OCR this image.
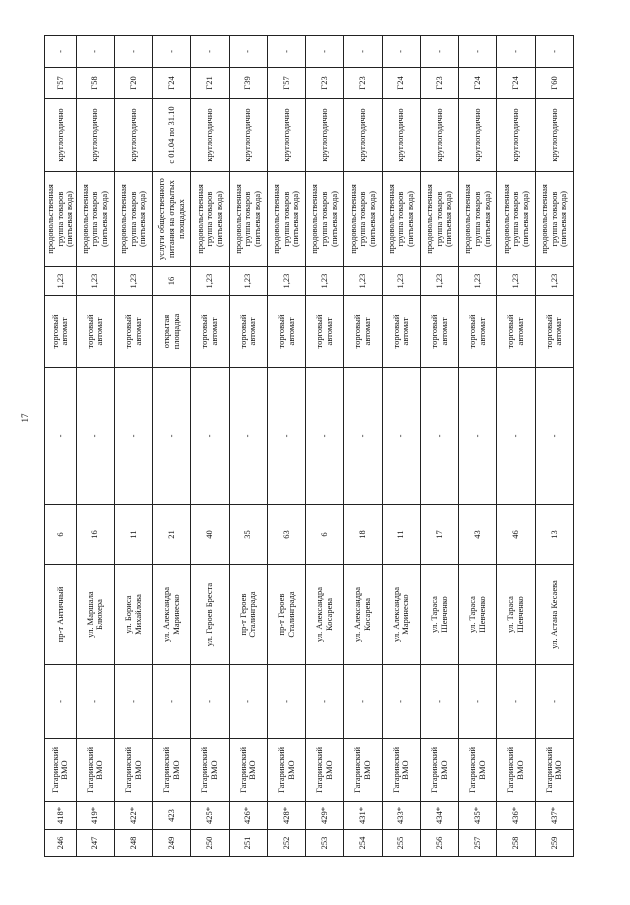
17
246	418*	Гагаринский
ВМО	-	пр-т Античный	6	-	торговый
автомат	1,23	продовольственная
группа товаров
(питьевая вода)	круглогодично	Г57	-
247	419*	Гагаринский
ВМО	-	ул. Маршала
Блюхера	16	-	торговый
автомат	1,23	продовольственная
группа товаров
(питьевая вода)	круглогодично	Г58	-
248	422*	Гагаринский
ВМО	-	ул. Бориса
Михайлова	11	-	торговый
автомат	1,23	продовольственная
группа товаров
(питьевая вода)	круглогодично	Г20	-
249	423	Гагаринский
ВМО	-	ул. Александра
Маринеско	21	-	открытая
площадка	16	услуги общественного
питания на открытых
площадках	с 01.04 по 31.10	Г24	-
250	425*	Гагаринский
ВМО	-	ул. Героев Бреста	40	-	торговый
автомат	1,23	продовольственная
группа товаров
(питьевая вода)	круглогодично	Г21	-
251	426*	Гагаринский
ВМО	-	пр-т Героев
Сталинграда	35	-	торговый
автомат	1,23	продовольственная
группа товаров
(питьевая вода)	круглогодично	Г39	-
252	428*	Гагаринский
ВМО	-	пр-т Героев
Сталинграда	63	-	торговый
автомат	1,23	продовольственная
группа товаров
(питьевая вода)	круглогодично	Г57	-
253	429*	Гагаринский
ВМО	-	ул. Александра
Косарева	6	-	торговый
автомат	1,23	продовольственная
группа товаров
(питьевая вода)	круглогодично	Г23	-
254	431*	Гагаринский
ВМО	-	ул. Александра
Косарева	18	-	торговый
автомат	1,23	продовольственная
группа товаров
(питьевая вода)	круглогодично	Г23	-
255	433*	Гагаринский
ВМО	-	ул. Александра
Маринеско	11	-	торговый
автомат	1,23	продовольственная
группа товаров
(питьевая вода)	круглогодично	Г24	-
256	434*	Гагаринский
ВМО	-	ул. Тараса
Шевченко	17	-	торговый
автомат	1,23	продовольственная
группа товаров
(питьевая вода)	круглогодично	Г23	-
257	435*	Гагаринский
ВМО	-	ул. Тараса
Шевченко	43	-	торговый
автомат	1,23	продовольственная
группа товаров
(питьевая вода)	круглогодично	Г24	-
258	436*	Гагаринский
ВМО	-	ул. Тараса
Шевченко	46	-	торговый
автомат	1,23	продовольственная
группа товаров
(питьевая вода)	круглогодично	Г24	-
259	437*	Гагаринский
ВМО	-	ул. Астана Кесаева	13	-	торговый
автомат	1,23	продовольственная
группа товаров
(питьевая вода)	круглогодично	Г60	-
